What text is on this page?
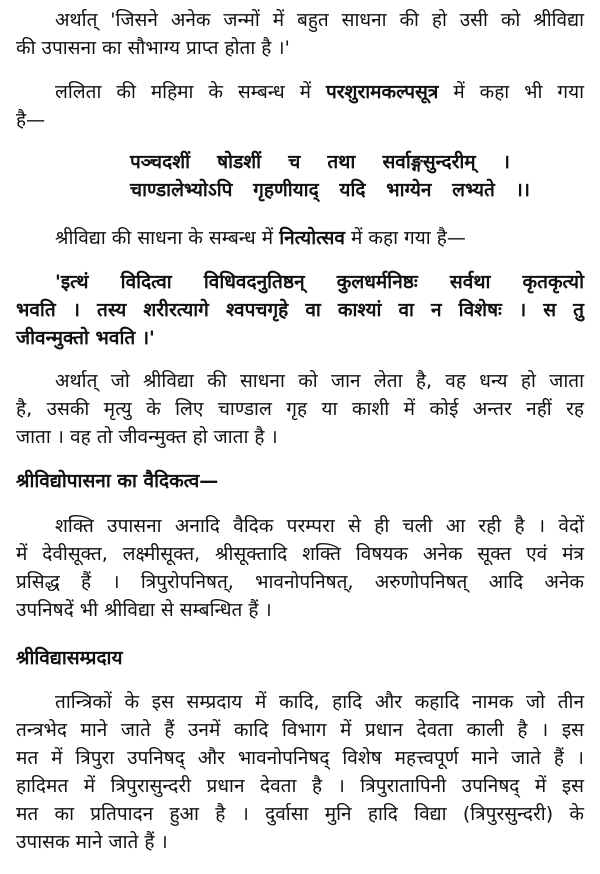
अर्थात् 'जिसने अनेक जन्मों में बहुत साधना की हो उसी को श्रीविद्या
की उपासना का सौभाग्य प्राप्त होता है ।'
ललिता की महिमा के सम्बन्ध में परशुरामकल्पसूत्र में कहा भी गया
है—
पञ्चदशीं षोडशीं च तथा सर्वाङ्गसुन्दरीम् ।
चाण्डालेभ्योऽपि गृहणीयाद् यदि भाग्येन लभ्यते ।।
श्रीविद्या की साधना के सम्बन्ध में नित्योत्सव में कहा गया है—
'इत्थं विदित्वा विधिवदनुतिष्ठन् कुलधर्मनिष्ठः सर्वथा कृतकृत्यो
भवति । तस्य शरीरत्यागे श्वपचगृहे वा काश्यां वा न विशेषः । स तु
जीवन्मुक्तो भवति ।'
अर्थात् जो श्रीविद्या की साधना को जान लेता है, वह धन्य हो जाता
है, उसकी मृत्यु के लिए चाण्डाल गृह या काशी में कोई अन्तर नहीं रह
जाता । वह तो जीवन्मुक्त हो जाता है ।
श्रीविद्योपासना का वैदिकत्व—
शक्ति उपासना अनादि वैदिक परम्परा से ही चली आ रही है । वेदों
में देवीसूक्त, लक्ष्मीसूक्त, श्रीसूक्तादि शक्ति विषयक अनेक सूक्त एवं मंत्र
प्रसिद्ध हैं । त्रिपुरोपनिषत्, भावनोपनिषत्, अरुणोपनिषत् आदि अनेक
उपनिषदें भी श्रीविद्या से सम्बन्धित हैं ।
श्रीविद्यासम्प्रदाय
तान्त्रिकों के इस सम्प्रदाय में कादि, हादि और कहादि नामक जो तीन
तन्त्रभेद माने जाते हैं उनमें कादि विभाग में प्रधान देवता काली है । इस
मत में त्रिपुरा उपनिषद् और भावनोपनिषद् विशेष महत्त्वपूर्ण माने जाते हैं ।
हादिमत में त्रिपुरासुन्दरी प्रधान देवता है । त्रिपुरातापिनी उपनिषद् में इस
मत का प्रतिपादन हुआ है । दुर्वासा मुनि हादि विद्या (त्रिपुरसुन्दरी) के
उपासक माने जाते हैं ।
